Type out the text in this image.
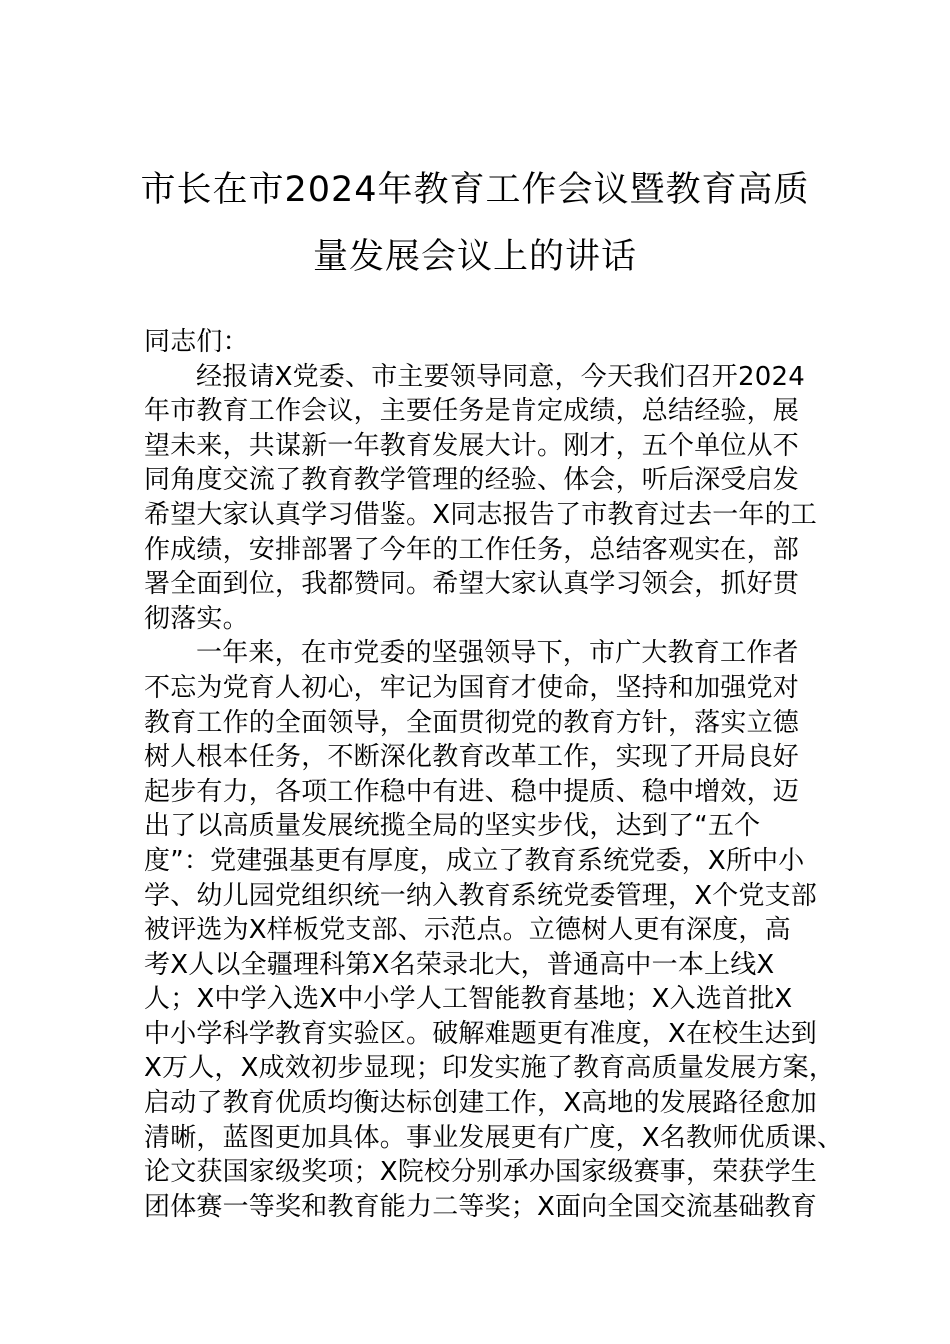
市长在市2024年教育工作会议暨教育高质
量发展会议上的讲话
同志们：
经报请X党委、市主要领导同意，今天我们召开2024
年市教育工作会议，主要任务是肯定成绩，总结经验，展
望未来，共谋新一年教育发展大计。刚才，五个单位从不
同角度交流了教育教学管理的经验、体会，听后深受启发
希望大家认真学习借鉴。X同志报告了市教育过去一年的工
作成绩，安排部署了今年的工作任务，总结客观实在，部
署全面到位，我都赞同。希望大家认真学习领会，抓好贯
彻落实。
一年来，在市党委的坚强领导下，市广大教育工作者
不忘为党育人初心，牢记为国育才使命，坚持和加强党对
教育工作的全面领导，全面贯彻党的教育方针，落实立德
树人根本任务，不断深化教育改革工作，实现了开局良好
起步有力，各项工作稳中有进、稳中提质、稳中增效，迈
出了以高质量发展统揽全局的坚实步伐，达到了“五个
度”：党建强基更有厚度，成立了教育系统党委，X所中小
学、幼儿园党组织统一纳入教育系统党委管理，X个党支部
被评选为X样板党支部、示范点。立德树人更有深度，高
考X人以全疆理科第X名荣录北大，普通高中一本上线X
人；X中学入选X中小学人工智能教育基地；X入选首批X
中小学科学教育实验区。破解难题更有准度，X在校生达到
X万人，X成效初步显现；印发实施了教育高质量发展方案，
启动了教育优质均衡达标创建工作，X高地的发展路径愈加
清晰，蓝图更加具体。事业发展更有广度，X名教师优质课、
论文获国家级奖项；X院校分别承办国家级赛事，荣获学生
团体赛一等奖和教育能力二等奖；X面向全国交流基础教育
